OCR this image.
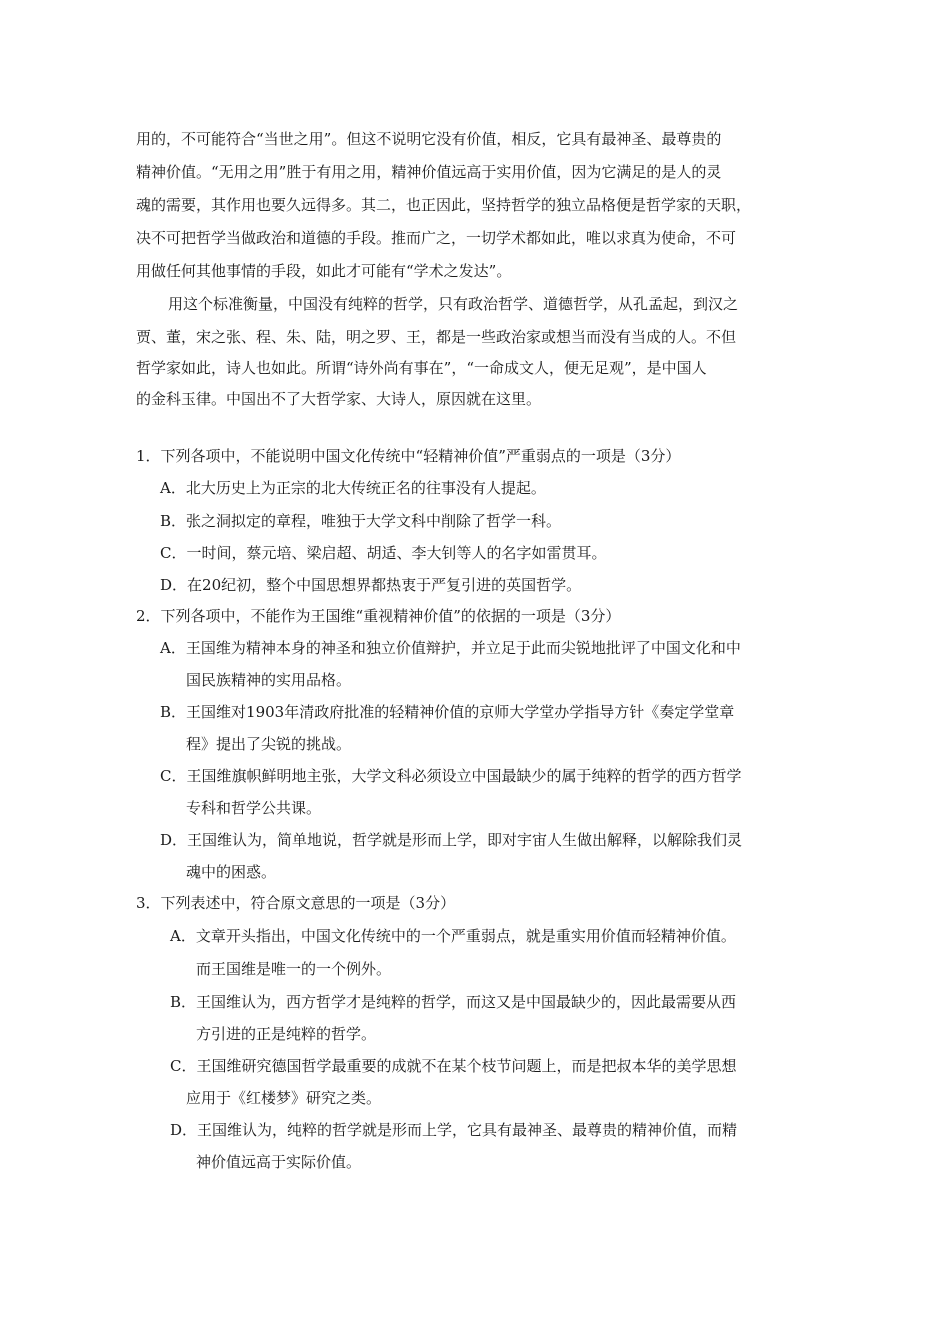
用的，不可能符合“当世之用”。但这不说明它没有价值，相反，它具有最神圣、最尊贵的
精神价值。“无用之用”胜于有用之用，精神价值远高于实用价值，因为它满足的是人的灵
魂的需要，其作用也要久远得多。其二，也正因此，坚持哲学的独立品格便是哲学家的天职，
决不可把哲学当做政治和道德的手段。推而广之，一切学术都如此，唯以求真为使命，不可
用做任何其他事情的手段，如此才可能有“学术之发达”。
用这个标准衡量，中国没有纯粹的哲学，只有政治哲学、道德哲学，从孔孟起，到汉之
贾、董，宋之张、程、朱、陆，明之罗、王，都是一些政治家或想当而没有当成的人。不但
哲学家如此，诗人也如此。所谓“诗外尚有事在”，“一命成文人，便无足观”，是中国人
的金科玉律。中国出不了大哲学家、大诗人，原因就在这里。
1．下列各项中，不能说明中国文化传统中“轻精神价值”严重弱点的一项是（3分）
A．北大历史上为正宗的北大传统正名的往事没有人提起。
B．张之洞拟定的章程，唯独于大学文科中削除了哲学一科。
C．一时间，蔡元培、梁启超、胡适、李大钊等人的名字如雷贯耳。
D．在20纪初，整个中国思想界都热衷于严复引进的英国哲学。
2．下列各项中，不能作为王国维“重视精神价值”的依据的一项是（3分）
A．王国维为精神本身的神圣和独立价值辩护，并立足于此而尖锐地批评了中国文化和中
国民族精神的实用品格。
B．王国维对1903年清政府批准的轻精神价值的京师大学堂办学指导方针《奏定学堂章
程》提出了尖锐的挑战。
C．王国维旗帜鲜明地主张，大学文科必须设立中国最缺少的属于纯粹的哲学的西方哲学
专科和哲学公共课。
D．王国维认为，简单地说，哲学就是形而上学，即对宇宙人生做出解释，以解除我们灵
魂中的困惑。
3．下列表述中，符合原文意思的一项是（3分）
A．文章开头指出，中国文化传统中的一个严重弱点，就是重实用价值而轻精神价值。
而王国维是唯一的一个例外。
B．王国维认为，西方哲学才是纯粹的哲学，而这又是中国最缺少的，因此最需要从西
方引进的正是纯粹的哲学。
C．王国维研究德国哲学最重要的成就不在某个枝节问题上，而是把叔本华的美学思想
应用于《红楼梦》研究之类。
D．王国维认为，纯粹的哲学就是形而上学，它具有最神圣、最尊贵的精神价值，而精
神价值远高于实际价值。
